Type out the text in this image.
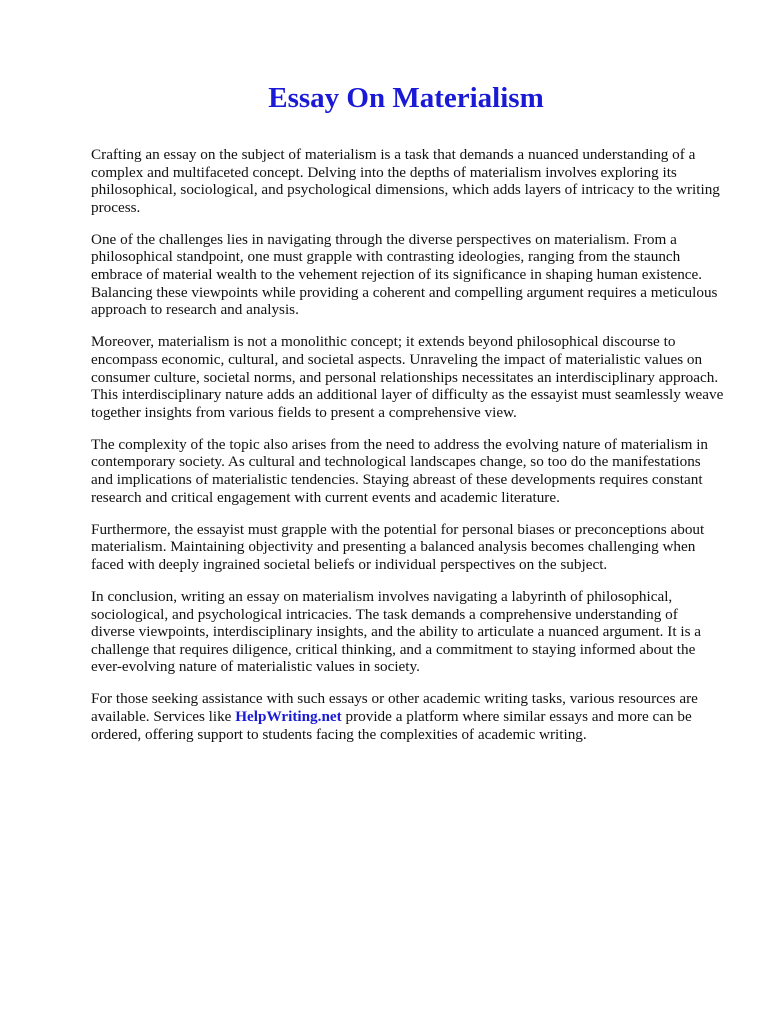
Essay On Materialism

Crafting an essay on the subject of materialism is a task that demands a nuanced understanding of a complex and multifaceted concept. Delving into the depths of materialism involves exploring its philosophical, sociological, and psychological dimensions, which adds layers of intricacy to the writing process.

One of the challenges lies in navigating through the diverse perspectives on materialism. From a philosophical standpoint, one must grapple with contrasting ideologies, ranging from the staunch embrace of material wealth to the vehement rejection of its significance in shaping human existence. Balancing these viewpoints while providing a coherent and compelling argument requires a meticulous approach to research and analysis.

Moreover, materialism is not a monolithic concept; it extends beyond philosophical discourse to encompass economic, cultural, and societal aspects. Unraveling the impact of materialistic values on consumer culture, societal norms, and personal relationships necessitates an interdisciplinary approach. This interdisciplinary nature adds an additional layer of difficulty as the essayist must seamlessly weave together insights from various fields to present a comprehensive view.

The complexity of the topic also arises from the need to address the evolving nature of materialism in contemporary society. As cultural and technological landscapes change, so too do the manifestations and implications of materialistic tendencies. Staying abreast of these developments requires constant research and critical engagement with current events and academic literature.

Furthermore, the essayist must grapple with the potential for personal biases or preconceptions about materialism. Maintaining objectivity and presenting a balanced analysis becomes challenging when faced with deeply ingrained societal beliefs or individual perspectives on the subject.

In conclusion, writing an essay on materialism involves navigating a labyrinth of philosophical, sociological, and psychological intricacies. The task demands a comprehensive understanding of diverse viewpoints, interdisciplinary insights, and the ability to articulate a nuanced argument. It is a challenge that requires diligence, critical thinking, and a commitment to staying informed about the ever-evolving nature of materialistic values in society.

For those seeking assistance with such essays or other academic writing tasks, various resources are available. Services like HelpWriting.net provide a platform where similar essays and more can be ordered, offering support to students facing the complexities of academic writing.
